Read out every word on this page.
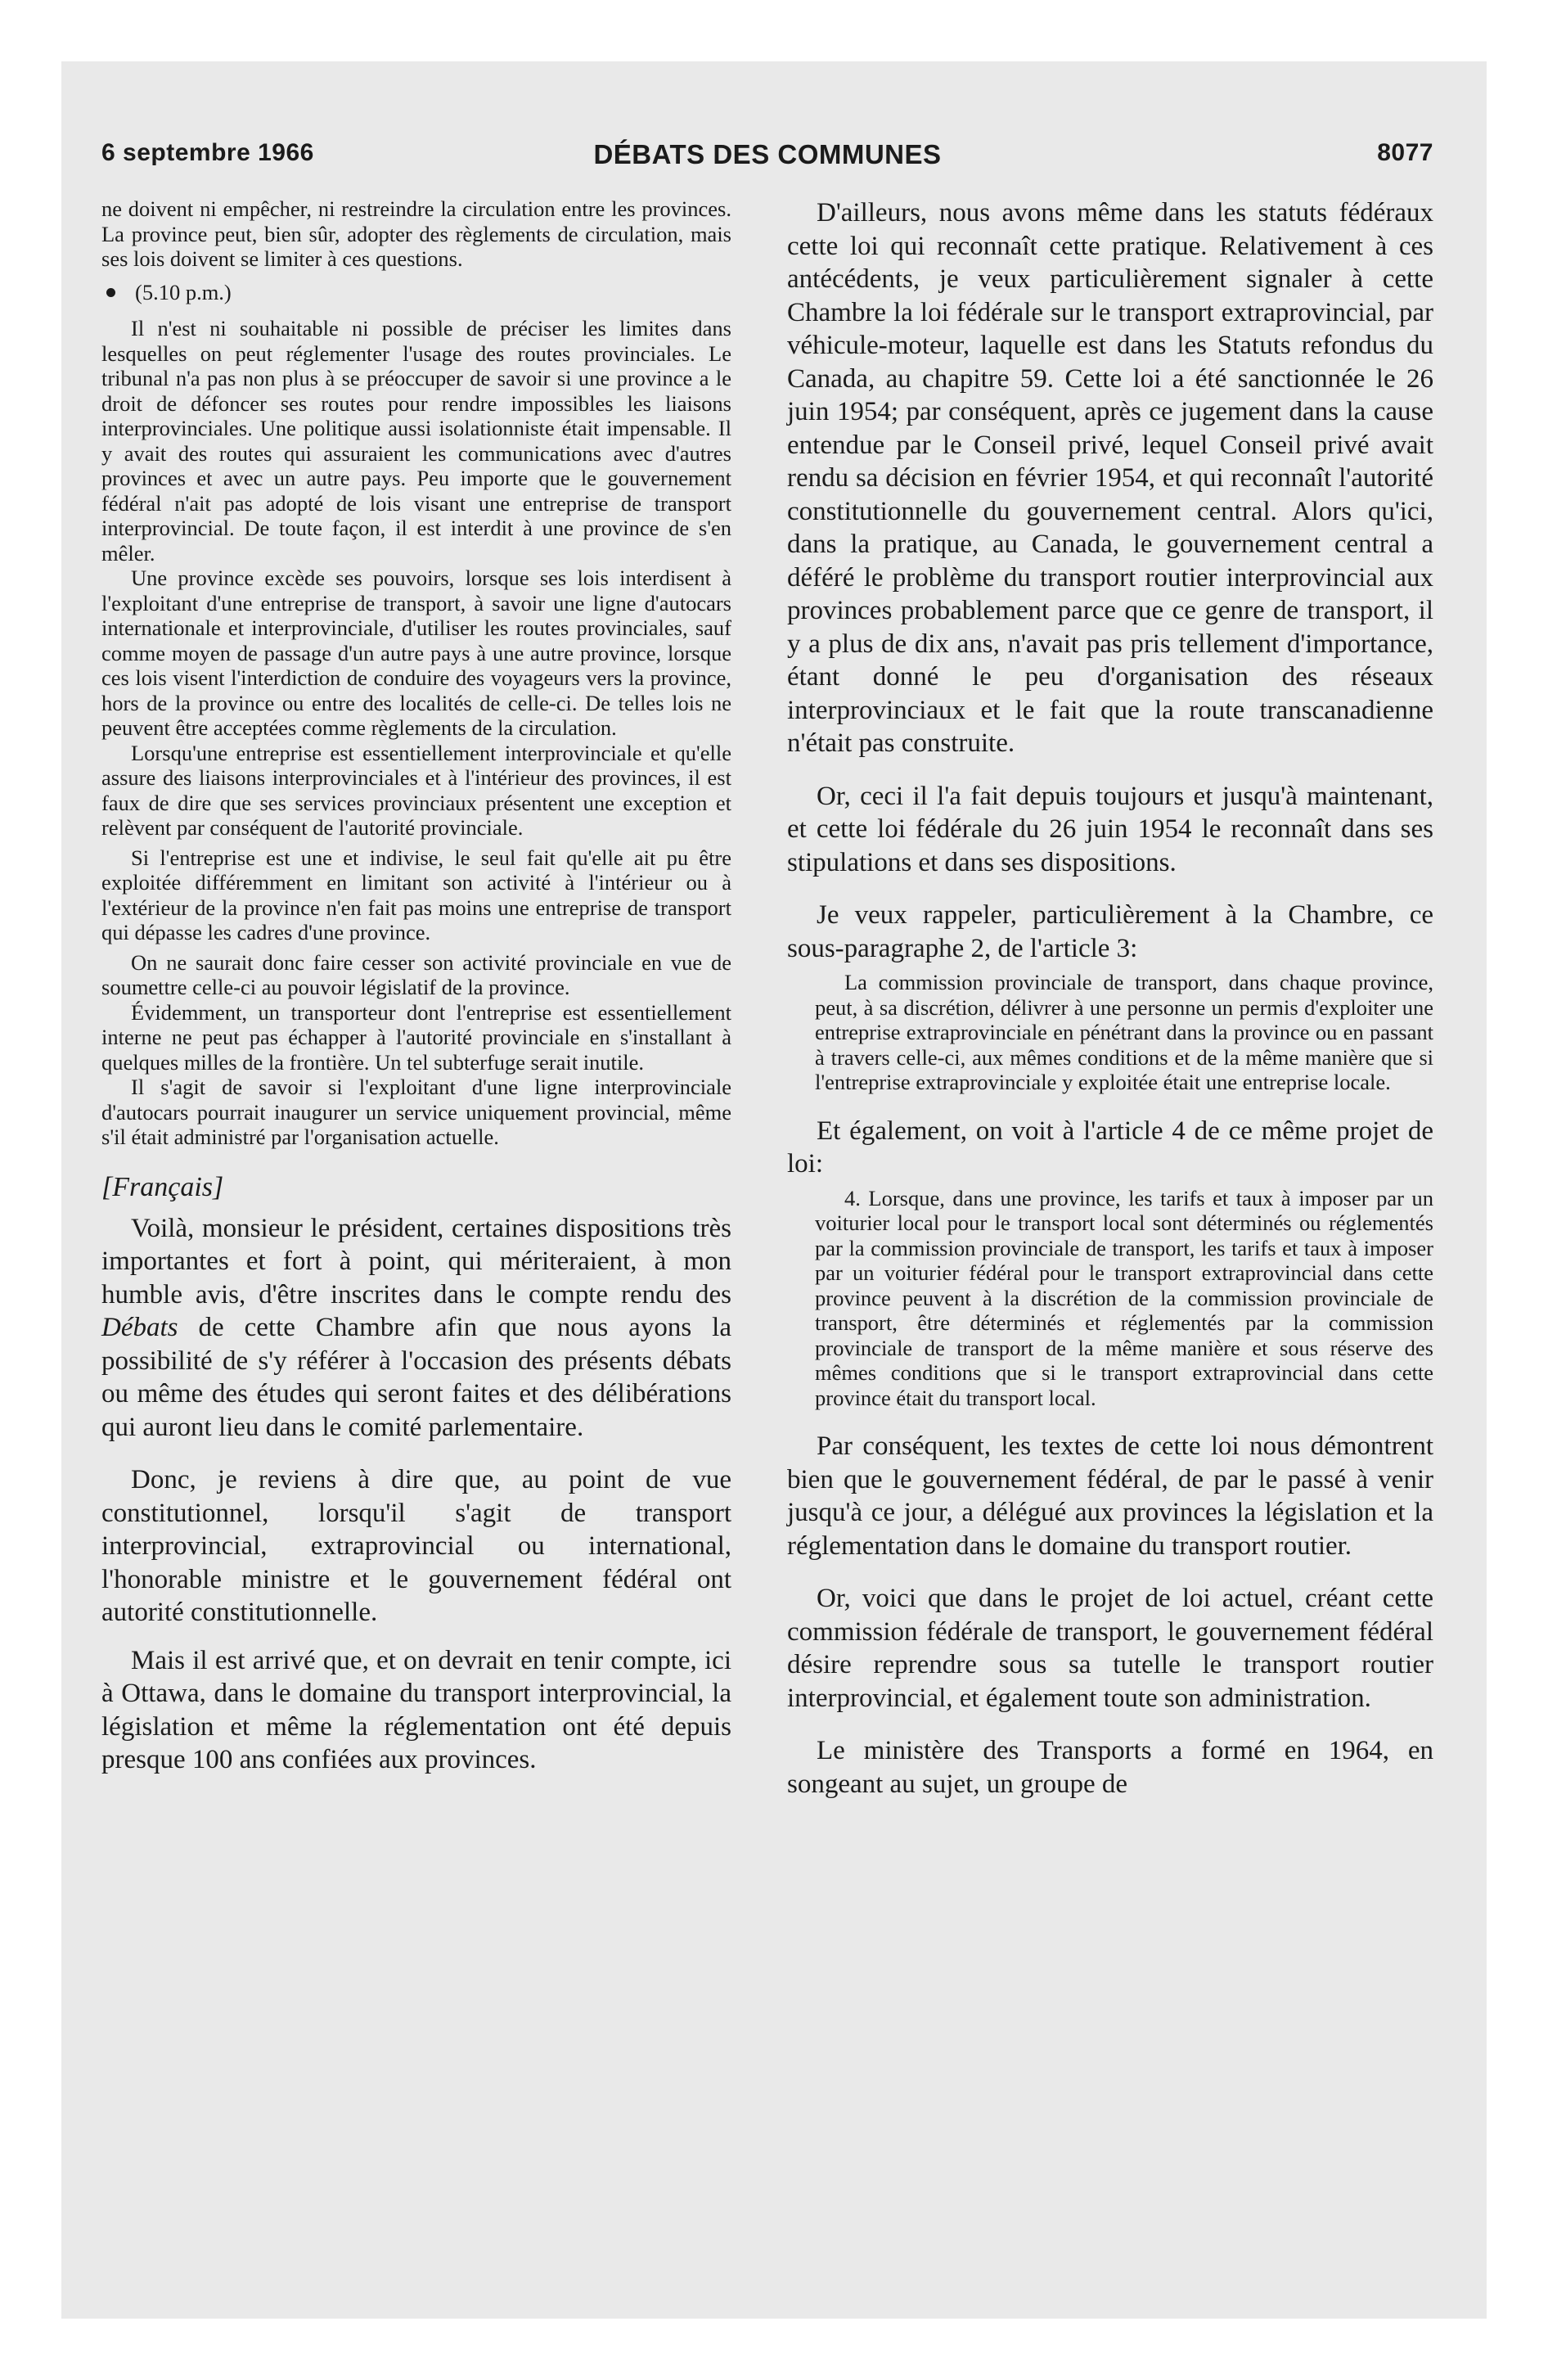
6 septembre 1966	DÉBATS DES COMMUNES	8077

ne doivent ni empêcher, ni restreindre la circulation entre les provinces. La province peut, bien sûr, adopter des règlements de circulation, mais ses lois doivent se limiter à ces questions.

(5.10 p.m.)

Il n'est ni souhaitable ni possible de préciser les limites dans lesquelles on peut réglementer l'usage des routes provinciales. Le tribunal n'a pas non plus à se préoccuper de savoir si une province a le droit de défoncer ses routes pour rendre impossibles les liaisons interprovinciales. Une politique aussi isolationniste était impensable. Il y avait des routes qui assuraient les communications avec d'autres provinces et avec un autre pays. Peu importe que le gouvernement fédéral n'ait pas adopté de lois visant une entreprise de transport interprovincial. De toute façon, il est interdit à une province de s'en mêler.

Une province excède ses pouvoirs, lorsque ses lois interdisent à l'exploitant d'une entreprise de transport, à savoir une ligne d'autocars internationale et interprovinciale, d'utiliser les routes provinciales, sauf comme moyen de passage d'un autre pays à une autre province, lorsque ces lois visent l'interdiction de conduire des voyageurs vers la province, hors de la province ou entre des localités de celle-ci. De telles lois ne peuvent être acceptées comme règlements de la circulation.

Lorsqu'une entreprise est essentiellement interprovinciale et qu'elle assure des liaisons interprovinciales et à l'intérieur des provinces, il est faux de dire que ses services provinciaux présentent une exception et relèvent par conséquent de l'autorité provinciale.

Si l'entreprise est une et indivise, le seul fait qu'elle ait pu être exploitée différemment en limitant son activité à l'intérieur ou à l'extérieur de la province n'en fait pas moins une entreprise de transport qui dépasse les cadres d'une province.

On ne saurait donc faire cesser son activité provinciale en vue de soumettre celle-ci au pouvoir législatif de la province.

Évidemment, un transporteur dont l'entreprise est essentiellement interne ne peut pas échapper à l'autorité provinciale en s'installant à quelques milles de la frontière. Un tel subterfuge serait inutile.

Il s'agit de savoir si l'exploitant d'une ligne interprovinciale d'autocars pourrait inaugurer un service uniquement provincial, même s'il était administré par l'organisation actuelle.

[Français]

Voilà, monsieur le président, certaines dispositions très importantes et fort à point, qui mériteraient, à mon humble avis, d'être inscrites dans le compte rendu des Débats de cette Chambre afin que nous ayons la possibilité de s'y référer à l'occasion des présents débats ou même des études qui seront faites et des délibérations qui auront lieu dans le comité parlementaire.

Donc, je reviens à dire que, au point de vue constitutionnel, lorsqu'il s'agit de transport interprovincial, extraprovincial ou international, l'honorable ministre et le gouvernement fédéral ont autorité constitutionnelle.

Mais il est arrivé que, et on devrait en tenir compte, ici à Ottawa, dans le domaine du transport interprovincial, la législation et même la réglementation ont été depuis presque 100 ans confiées aux provinces.

D'ailleurs, nous avons même dans les statuts fédéraux cette loi qui reconnaît cette pratique. Relativement à ces antécédents, je veux particulièrement signaler à cette Chambre la loi fédérale sur le transport extraprovincial, par véhicule-moteur, laquelle est dans les Statuts refondus du Canada, au chapitre 59. Cette loi a été sanctionnée le 26 juin 1954; par conséquent, après ce jugement dans la cause entendue par le Conseil privé, lequel Conseil privé avait rendu sa décision en février 1954, et qui reconnaît l'autorité constitutionnelle du gouvernement central. Alors qu'ici, dans la pratique, au Canada, le gouvernement central a déféré le problème du transport routier interprovincial aux provinces probablement parce que ce genre de transport, il y a plus de dix ans, n'avait pas pris tellement d'importance, étant donné le peu d'organisation des réseaux interprovinciaux et le fait que la route transcanadienne n'était pas construite.

Or, ceci il l'a fait depuis toujours et jusqu'à maintenant, et cette loi fédérale du 26 juin 1954 le reconnaît dans ses stipulations et dans ses dispositions.

Je veux rappeler, particulièrement à la Chambre, ce sous-paragraphe 2, de l'article 3:

La commission provinciale de transport, dans chaque province, peut, à sa discrétion, délivrer à une personne un permis d'exploiter une entreprise extraprovinciale en pénétrant dans la province ou en passant à travers celle-ci, aux mêmes conditions et de la même manière que si l'entreprise extraprovinciale y exploitée était une entreprise locale.

Et également, on voit à l'article 4 de ce même projet de loi:

4. Lorsque, dans une province, les tarifs et taux à imposer par un voiturier local pour le transport local sont déterminés ou réglementés par la commission provinciale de transport, les tarifs et taux à imposer par un voiturier fédéral pour le transport extraprovincial dans cette province peuvent à la discrétion de la commission provinciale de transport, être déterminés et réglementés par la commission provinciale de transport de la même manière et sous réserve des mêmes conditions que si le transport extraprovincial dans cette province était du transport local.

Par conséquent, les textes de cette loi nous démontrent bien que le gouvernement fédéral, de par le passé à venir jusqu'à ce jour, a délégué aux provinces la législation et la réglementation dans le domaine du transport routier.

Or, voici que dans le projet de loi actuel, créant cette commission fédérale de transport, le gouvernement fédéral désire reprendre sous sa tutelle le transport routier interprovincial, et également toute son administration.

Le ministère des Transports a formé en 1964, en songeant au sujet, un groupe de
